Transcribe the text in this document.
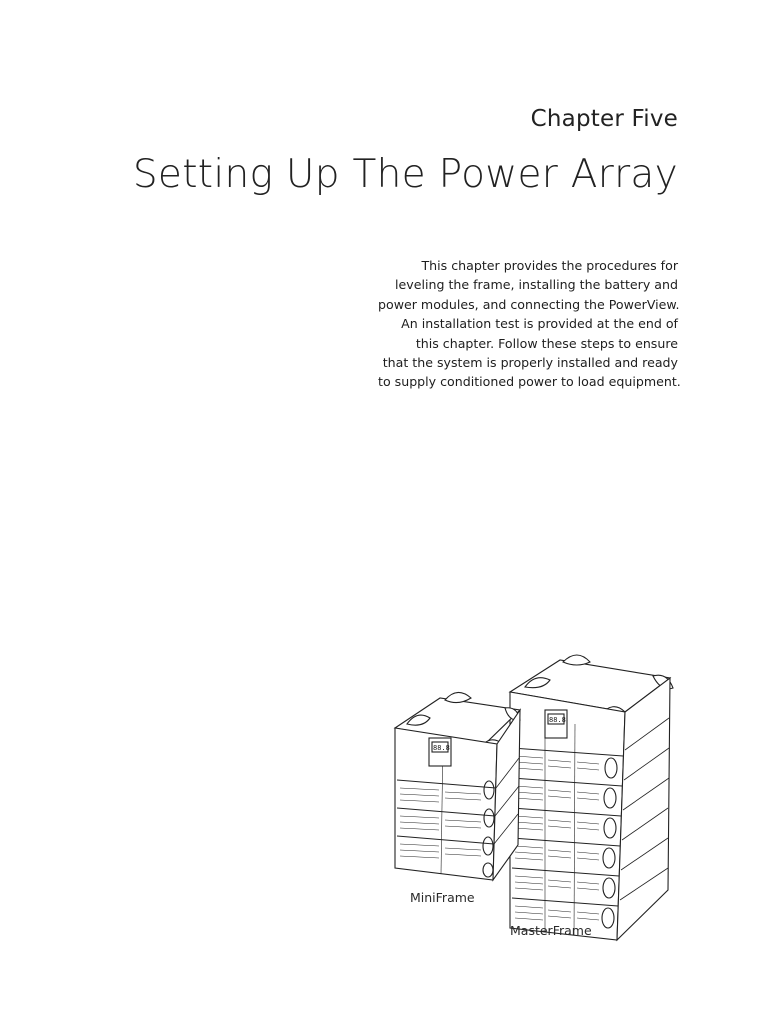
Chapter Five
Setting Up The Power Array
This chapter provides the procedures for
leveling the frame, installing the battery and
power modules, and connecting the PowerView.
An installation test is provided at the end of
this chapter. Follow these steps to ensure
that the system is properly installed and ready
to supply conditioned power to load equipment.
88.8
88.8
MiniFrame
MasterFrame
